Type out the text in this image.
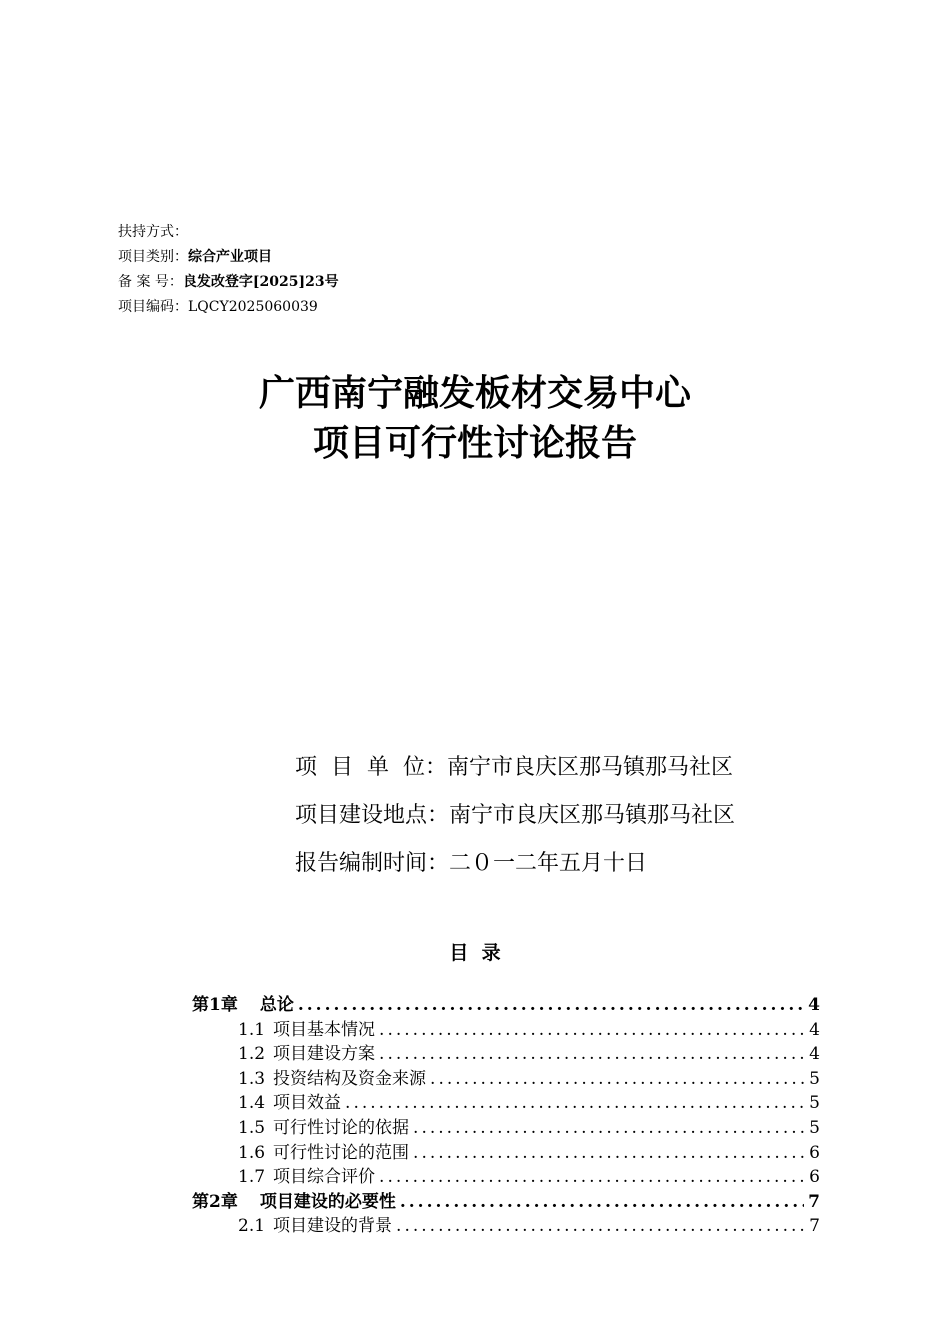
扶持方式：
项目类别：综合产业项目
备 案 号：良发改登字[2025]23号
项目编码：LQCY2025060039
广西南宁融发板材交易中心
项目可行性讨论报告
项  目  单  位：南宁市良庆区那马镇那马社区
项目建设地点：南宁市良庆区那马镇那马社区
报告编制时间：二０一二年五月十日
目  录
第1章 总论 .....	4
1.1 项目基本情况 .....	4
1.2 项目建设方案 .....	4
1.3 投资结构及资金来源 .....	5
1.4 项目效益 .....	5
1.5 可行性讨论的依据 .....	5
1.6 可行性讨论的范围 .....	6
1.7 项目综合评价 .....	6
第2章 项目建设的必要性 .....	7
2.1 项目建设的背景 .....	7
